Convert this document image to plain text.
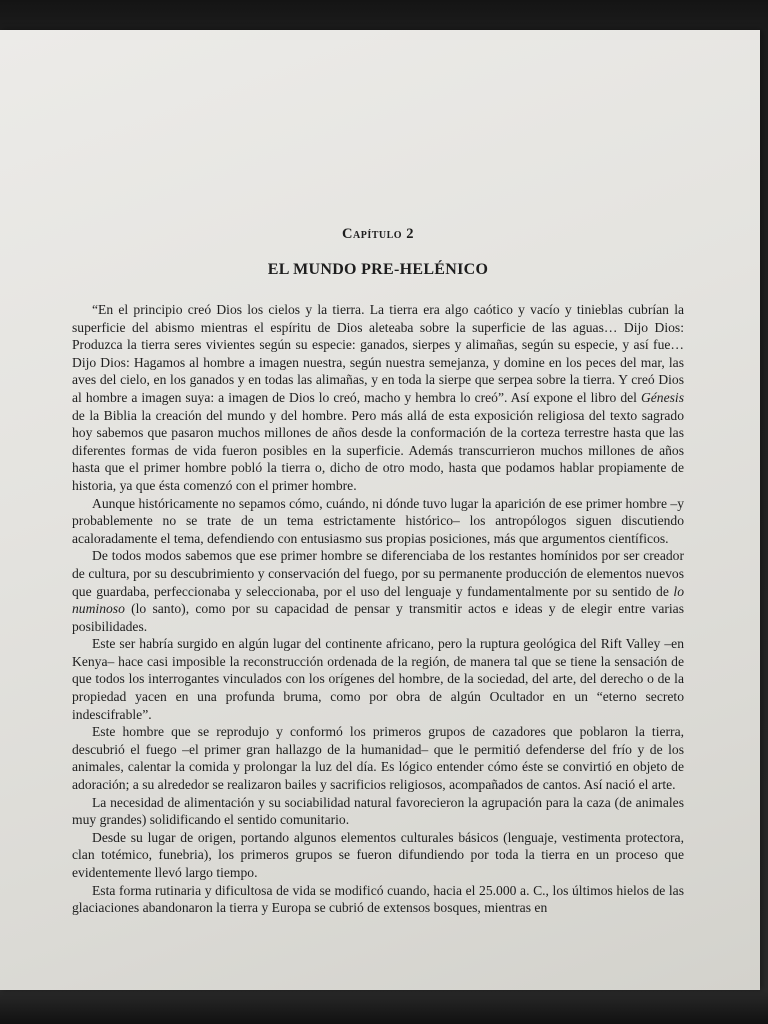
Capítulo 2
EL MUNDO PRE-HELÉNICO

“En el principio creó Dios los cielos y la tierra. La tierra era algo caótico y vacío y tinieblas cubrían la superficie del abismo mientras el espíritu de Dios aleteaba sobre la superficie de las aguas… Dijo Dios: Produzca la tierra seres vivientes según su especie: ganados, sierpes y alimañas, según su especie, y así fue… Dijo Dios: Hagamos al hombre a imagen nuestra, según nuestra semejanza, y domine en los peces del mar, las aves del cielo, en los ganados y en todas las alimañas, y en toda la sierpe que serpea sobre la tierra. Y creó Dios al hombre a imagen suya: a imagen de Dios lo creó, macho y hembra lo creó”. Así expone el libro del Génesis de la Biblia la creación del mundo y del hombre. Pero más allá de esta exposición religiosa del texto sagrado hoy sabemos que pasaron muchos millones de años desde la conformación de la corteza terrestre hasta que las diferentes formas de vida fueron posibles en la superficie. Además transcurrieron muchos millones de años hasta que el primer hombre pobló la tierra o, dicho de otro modo, hasta que podamos hablar propiamente de historia, ya que ésta comenzó con el primer hombre.

Aunque históricamente no sepamos cómo, cuándo, ni dónde tuvo lugar la aparición de ese primer hombre –y probablemente no se trate de un tema estrictamente histórico– los antropólogos siguen discutiendo acaloradamente el tema, defendiendo con entusiasmo sus propias posiciones, más que argumentos científicos.

De todos modos sabemos que ese primer hombre se diferenciaba de los restantes homínidos por ser creador de cultura, por su descubrimiento y conservación del fuego, por su permanente producción de elementos nuevos que guardaba, perfeccionaba y seleccionaba, por el uso del lenguaje y fundamentalmente por su sentido de lo numinoso (lo santo), como por su capacidad de pensar y transmitir actos e ideas y de elegir entre varias posibilidades.

Este ser habría surgido en algún lugar del continente africano, pero la ruptura geológica del Rift Valley –en Kenya– hace casi imposible la reconstrucción ordenada de la región, de manera tal que se tiene la sensación de que todos los interrogantes vinculados con los orígenes del hombre, de la sociedad, del arte, del derecho o de la propiedad yacen en una profunda bruma, como por obra de algún Ocultador en un “eterno secreto indescifrable”.

Este hombre que se reprodujo y conformó los primeros grupos de cazadores que poblaron la tierra, descubrió el fuego –el primer gran hallazgo de la humanidad– que le permitió defenderse del frío y de los animales, calentar la comida y prolongar la luz del día. Es lógico entender cómo éste se convirtió en objeto de adoración; a su alrededor se realizaron bailes y sacrificios religiosos, acompañados de cantos. Así nació el arte.

La necesidad de alimentación y su sociabilidad natural favorecieron la agrupación para la caza (de animales muy grandes) solidificando el sentido comunitario.

Desde su lugar de origen, portando algunos elementos culturales básicos (lenguaje, vestimenta protectora, clan totémico, funebria), los primeros grupos se fueron difundiendo por toda la tierra en un proceso que evidentemente llevó largo tiempo.

Esta forma rutinaria y dificultosa de vida se modificó cuando, hacia el 25.000 a. C., los últimos hielos de las glaciaciones abandonaron la tierra y Europa se cubrió de extensos bosques, mientras en
